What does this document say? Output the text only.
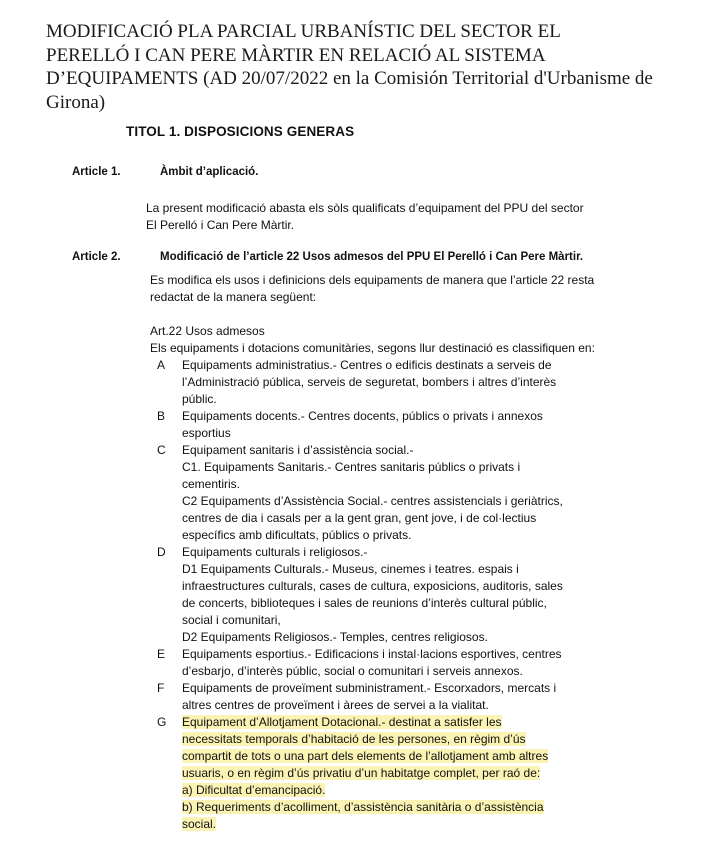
MODIFICACIÓ PLA PARCIAL URBANÍSTIC DEL SECTOR EL
PERELLÓ I CAN PERE MÀRTIR EN RELACIÓ AL SISTEMA
D’EQUIPAMENTS (AD 20/07/2022 en la Comisión Territorial d'Urbanisme de
Girona)
TITOL 1. DISPOSICIONS GENERAS
Article 1.	Àmbit d’aplicació.
La present modificació abasta els sòls qualificats d’equipament del PPU del sector
El Perelló i Can Pere Màrtir.
Article 2.	Modificació de l’article 22 Usos admesos del PPU El Perelló i Can Pere Màrtir.
Es modifica els usos i definicions dels equipaments de manera que l’article 22 resta
redactat de la manera següent:
Art.22 Usos admesos
Els equipaments i dotacions comunitàries, segons llur destinació es classifiquen en:
A Equipaments administratius.- Centres o edificis destinats a serveis de
l’Administració pública, serveis de seguretat, bombers i altres d’interès
públic.
B Equipaments docents.- Centres docents, públics o privats i annexos
esportius
C Equipament sanitaris i d’assistència social.-
C1. Equipaments Sanitaris.- Centres sanitaris públics o privats i
cementiris.
C2 Equipaments d’Assistència Social.- centres assistencials i geriàtrics,
centres de dia i casals per a la gent gran, gent jove, i de col·lectius
específics amb dificultats, públics o privats.
D Equipaments culturals i religiosos.-
D1 Equipaments Culturals.- Museus, cinemes i teatres. espais i
infraestructures culturals, cases de cultura, exposicions, auditoris, sales
de concerts, biblioteques i sales de reunions d’interès cultural públic,
social i comunitari,
D2 Equipaments Religiosos.- Temples, centres religiosos.
E Equipaments esportius.- Edificacions i instal·lacions esportives, centres
d’esbarjo, d’interès públic, social o comunitari i serveis annexos.
F Equipaments de proveïment subministrament.- Escorxadors, mercats i
altres centres de proveïment i àrees de servei a la vialitat.
G Equipament d’Allotjament Dotacional.- destinat a satisfer les
necessitats temporals d’habitació de les persones, en règim d’ús
compartit de tots o una part dels elements de l’allotjament amb altres
usuaris, o en règim d’ús privatiu d’un habitatge complet, per raó de:
a) Dificultat d’emancipació.
b) Requeriments d’acolliment, d’assistència sanitària o d’assistència
social.
